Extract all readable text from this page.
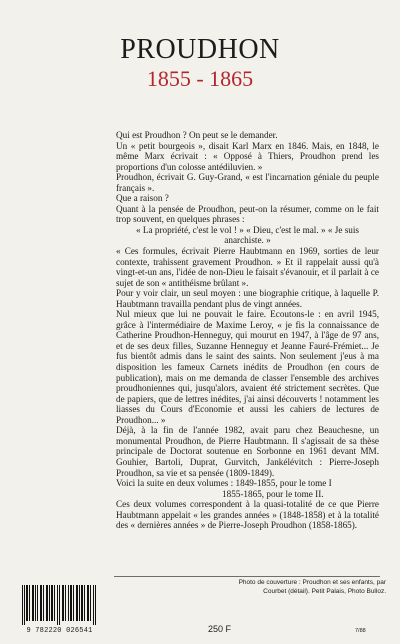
PROUDHON
1855 - 1865

Qui est Proudhon ? On peut se le demander.

Un « petit bourgeois », disait Karl Marx en 1846. Mais, en 1848, le même Marx écrivait : « Opposé à Thiers, Proudhon prend les proportions d'un colosse antédiluvien. »

Proudhon, écrivait G. Guy-Grand, « est l'incarnation géniale du peuple français ».

Que a raison ?

Quant à la pensée de Proudhon, peut-on la résumer, comme on le fait trop souvent, en quelques phrases :

« La propriété, c'est le vol ! » « Dieu, c'est le mal. » « Je suis anarchiste. »

« Ces formules, écrivait Pierre Haubtmann en 1969, sorties de leur contexte, trahissent gravement Proudhon. » Et il rappelait aussi qu'à vingt-et-un ans, l'idée de non-Dieu le faisait s'évanouir, et il parlait à ce sujet de son « antithéisme brûlant ».

Pour y voir clair, un seul moyen : une biographie critique, à laquelle P. Haubtmann travailla pendant plus de vingt années.

Nul mieux que lui ne pouvait le faire. Ecoutons-le : en avril 1945, grâce à l'intermédiaire de Maxime Leroy, « je fis la connaissance de Catherine Proudhon-Henneguy, qui mourut en 1947, à l'âge de 97 ans, et de ses deux filles, Suzanne Henneguy et Jeanne Fauré-Frémiet... Je fus bientôt admis dans le saint des saints. Non seulement j'eus à ma disposition les fameux Carnets inédits de Proudhon (en cours de publication), mais on me demanda de classer l'ensemble des archives proudhoniennes qui, jusqu'alors, avaient été strictement secrètes. Que de papiers, que de lettres inédites, j'ai ainsi découverts ! notamment les liasses du Cours d'Economie et aussi les cahiers de lectures de Proudhon... »

Déjà, à la fin de l'année 1982, avait paru chez Beauchesne, un monumental Proudhon, de Pierre Haubtmann. Il s'agissait de sa thèse principale de Doctorat soutenue en Sorbonne en 1961 devant MM. Gouhier, Bartoli, Duprat, Gurvitch, Jankélévitch : Pierre-Joseph Proudhon, sa vie et sa pensée (1809-1849).

Voici la suite en deux volumes : 1849-1855, pour le tome I

1855-1865, pour le tome II.

Ces deux volumes correspondent à la quasi-totalité de ce que Pierre Haubtmann appelait « les grandes années » (1848-1858) et à la totalité des « dernières années » de Pierre-Joseph Proudhon (1858-1865).

9 782220 026541	250 F
Photo de couverture : Proudhon et ses enfants, par Courbet (détail). Petit Palais, Photo Bulloz.
7/88
